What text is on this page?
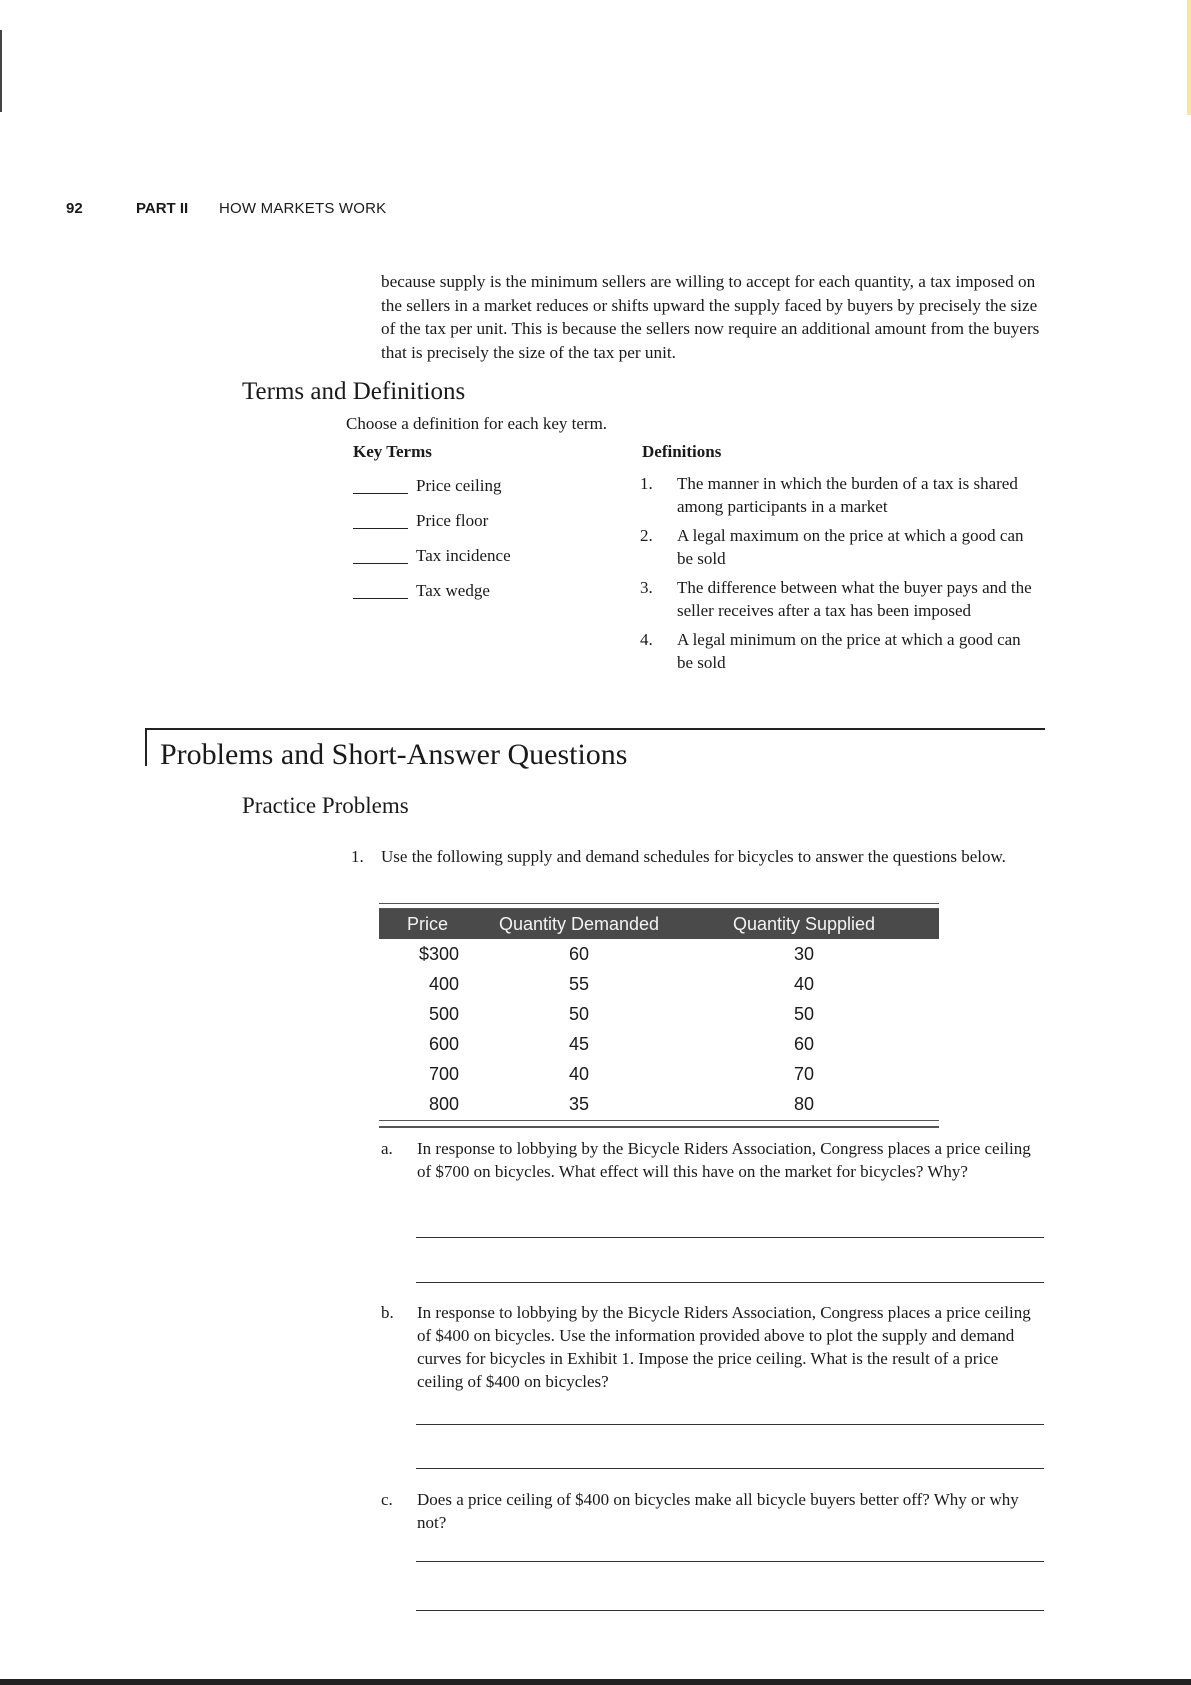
92	PART II HOW MARKETS WORK

because supply is the minimum sellers are willing to accept for each quantity, a tax imposed on the sellers in a market reduces or shifts upward the supply faced by buyers by precisely the size of the tax per unit. This is because the sellers now require an additional amount from the buyers that is precisely the size of the tax per unit.

Terms and Definitions
Choose a definition for each key term.
Key Terms
Price ceiling
Price floor
Tax incidence
Tax wedge
Definitions
1.	The manner in which the burden of a tax is shared among participants in a market
2.	A legal maximum on the price at which a good can be sold
3.	The difference between what the buyer pays and the seller receives after a tax has been imposed
4.	A legal minimum on the price at which a good can be sold
Problems and Short-Answer Questions
Practice Problems
1.	Use the following supply and demand schedules for bicycles to answer the questions below.
Price	Quantity Demanded	Quantity Supplied
$300	60	30
400	55	40
500	50	50
600	45	60
700	40	70
800	35	80
a.	In response to lobbying by the Bicycle Riders Association, Congress places a price ceiling of $700 on bicycles. What effect will this have on the market for bicycles? Why?
b.	In response to lobbying by the Bicycle Riders Association, Congress places a price ceiling of $400 on bicycles. Use the information provided above to plot the supply and demand curves for bicycles in Exhibit 1. Impose the price ceiling. What is the result of a price ceiling of $400 on bicycles?
c.	Does a price ceiling of $400 on bicycles make all bicycle buyers better off? Why or why not?
